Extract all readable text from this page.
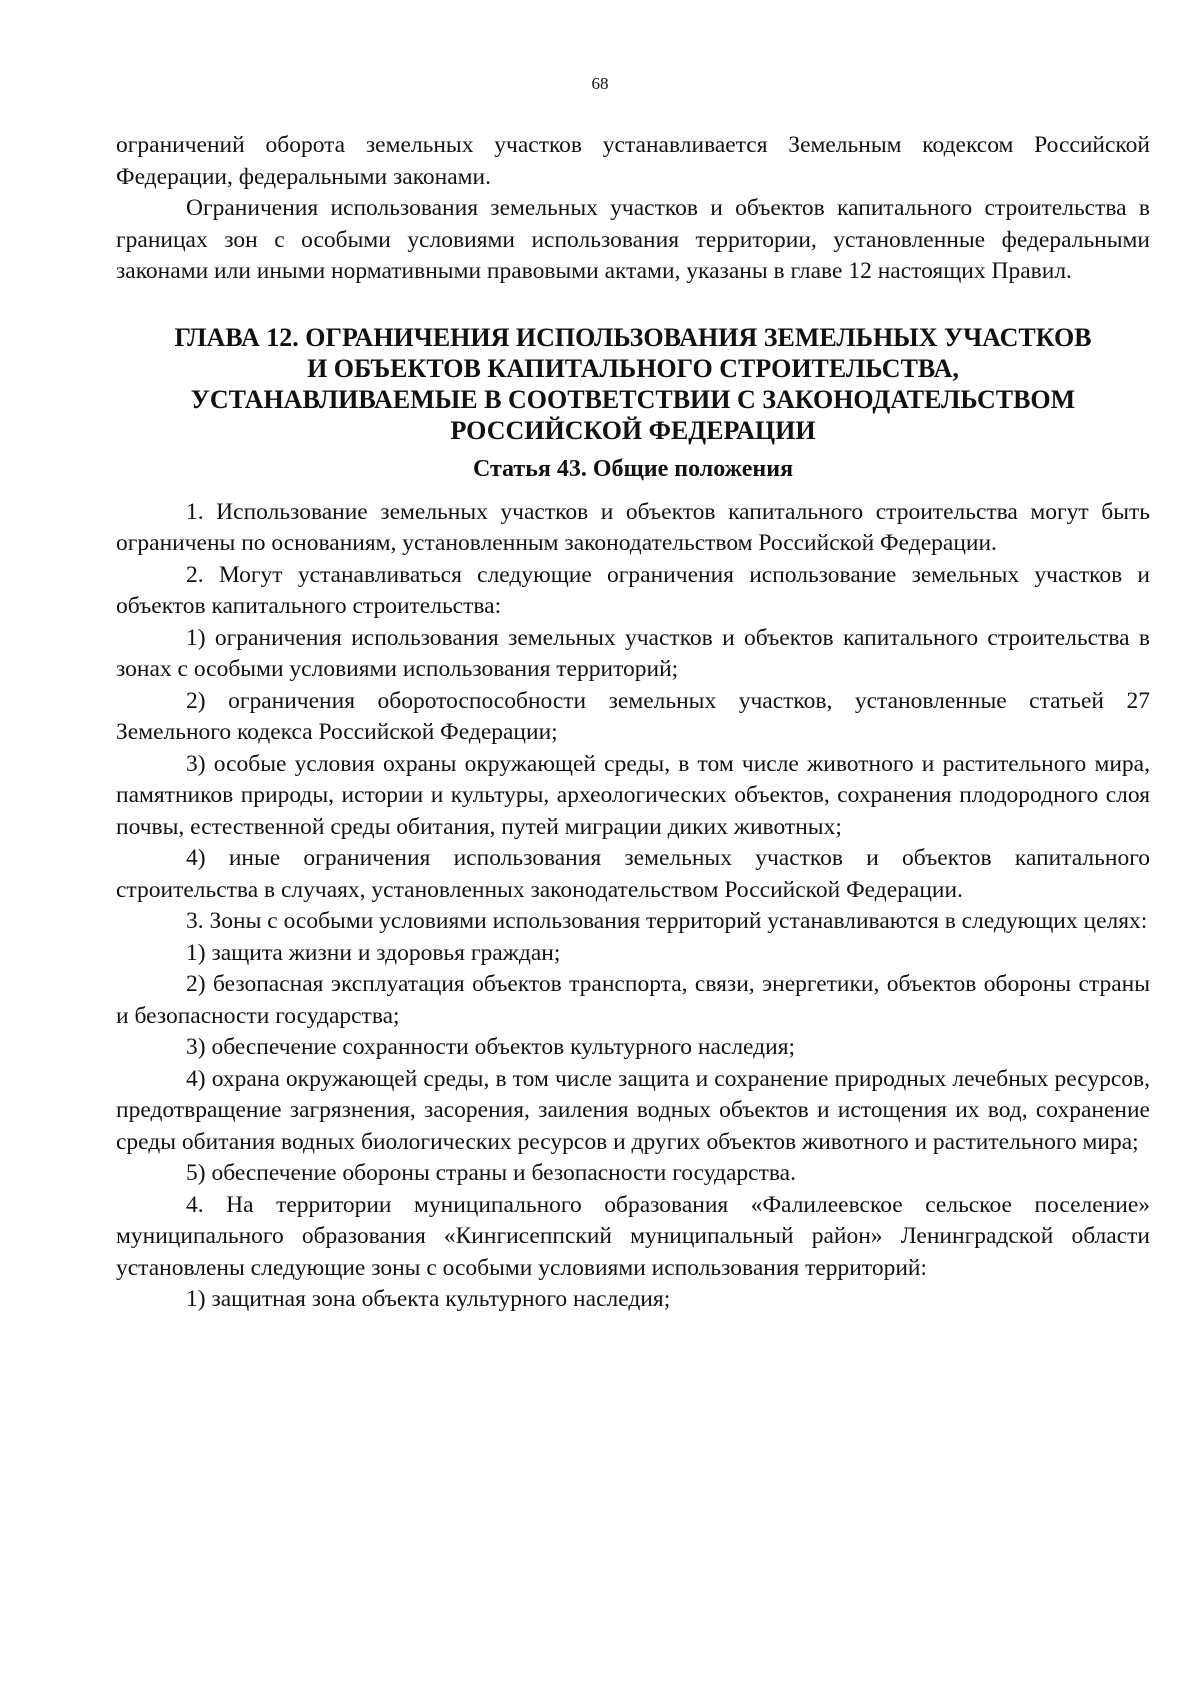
68

ограничений оборота земельных участков устанавливается Земельным кодексом Российской Федерации, федеральными законами.

Ограничения использования земельных участков и объектов капитального строительства в границах зон с особыми условиями использования территории, установленные федеральными законами или иными нормативными правовыми актами, указаны в главе 12 настоящих Правил.

ГЛАВА 12. ОГРАНИЧЕНИЯ ИСПОЛЬЗОВАНИЯ ЗЕМЕЛЬНЫХ УЧАСТКОВ
И ОБЪЕКТОВ КАПИТАЛЬНОГО СТРОИТЕЛЬСТВА,
УСТАНАВЛИВАЕМЫЕ В СООТВЕТСТВИИ С ЗАКОНОДАТЕЛЬСТВОМ
РОССИЙСКОЙ ФЕДЕРАЦИИ
Статья 43. Общие положения

1. Использование земельных участков и объектов капитального строительства могут быть ограничены по основаниям, установленным законодательством Российской Федерации.

2. Могут устанавливаться следующие ограничения использование земельных участков и объектов капитального строительства:

1) ограничения использования земельных участков и объектов капитального строительства в зонах с особыми условиями использования территорий;

2) ограничения оборотоспособности земельных участков, установленные статьей 27 Земельного кодекса Российской Федерации;

3) особые условия охраны окружающей среды, в том числе животного и растительного мира, памятников природы, истории и культуры, археологических объектов, сохранения плодородного слоя почвы, естественной среды обитания, путей миграции диких животных;

4) иные ограничения использования земельных участков и объектов капитального строительства в случаях, установленных законодательством Российской Федерации.

3. Зоны с особыми условиями использования территорий устанавливаются в следующих целях:

1) защита жизни и здоровья граждан;

2) безопасная эксплуатация объектов транспорта, связи, энергетики, объектов обороны страны и безопасности государства;

3) обеспечение сохранности объектов культурного наследия;

4) охрана окружающей среды, в том числе защита и сохранение природных лечебных ресурсов, предотвращение загрязнения, засорения, заиления водных объектов и истощения их вод, сохранение среды обитания водных биологических ресурсов и других объектов животного и растительного мира;

5) обеспечение обороны страны и безопасности государства.

4. На территории муниципального образования «Фалилеевское сельское поселение» муниципального образования «Кингисеппский муниципальный район» Ленинградской области установлены следующие зоны с особыми условиями использования территорий:

1) защитная зона объекта культурного наследия;
